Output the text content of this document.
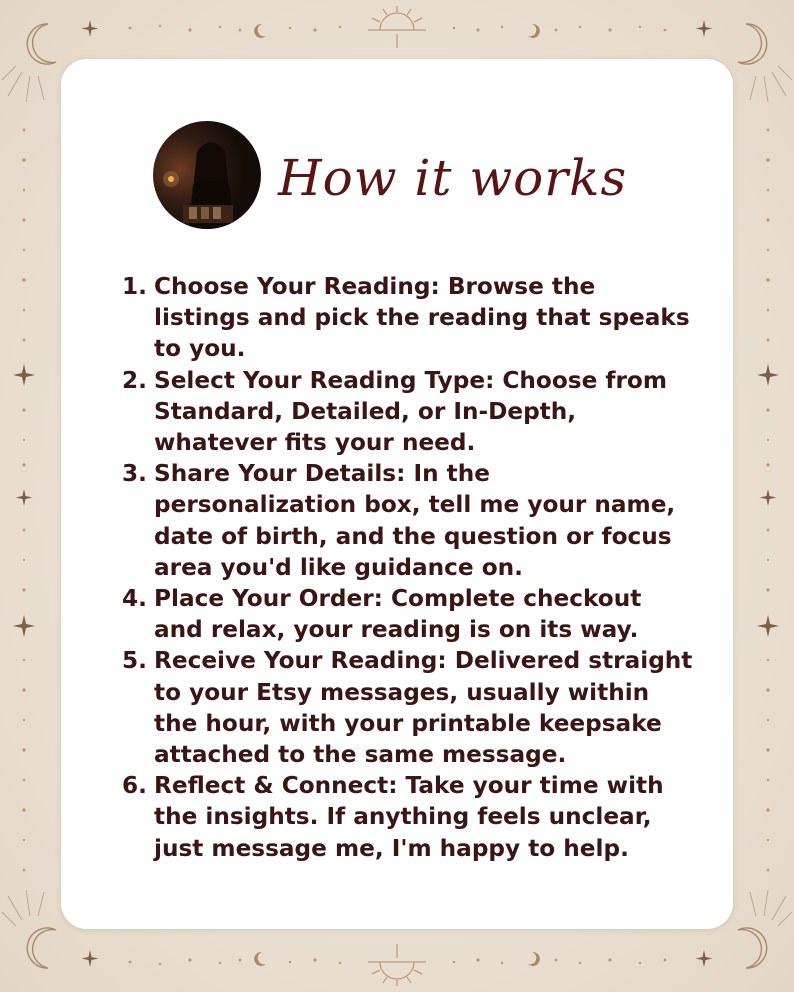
How it works
1. Choose Your Reading: Browse the listings and pick the reading that speaks to you.
2. Select Your Reading Type: Choose from Standard, Detailed, or In-Depth, whatever fits your need.
3. Share Your Details: In the personalization box, tell me your name, date of birth, and the question or focus area you'd like guidance on.
4. Place Your Order: Complete checkout and relax, your reading is on its way.
5. Receive Your Reading: Delivered straight to your Etsy messages, usually within the hour, with your printable keepsake attached to the same message.
6. Reflect & Connect: Take your time with the insights. If anything feels unclear, just message me, I'm happy to help.
